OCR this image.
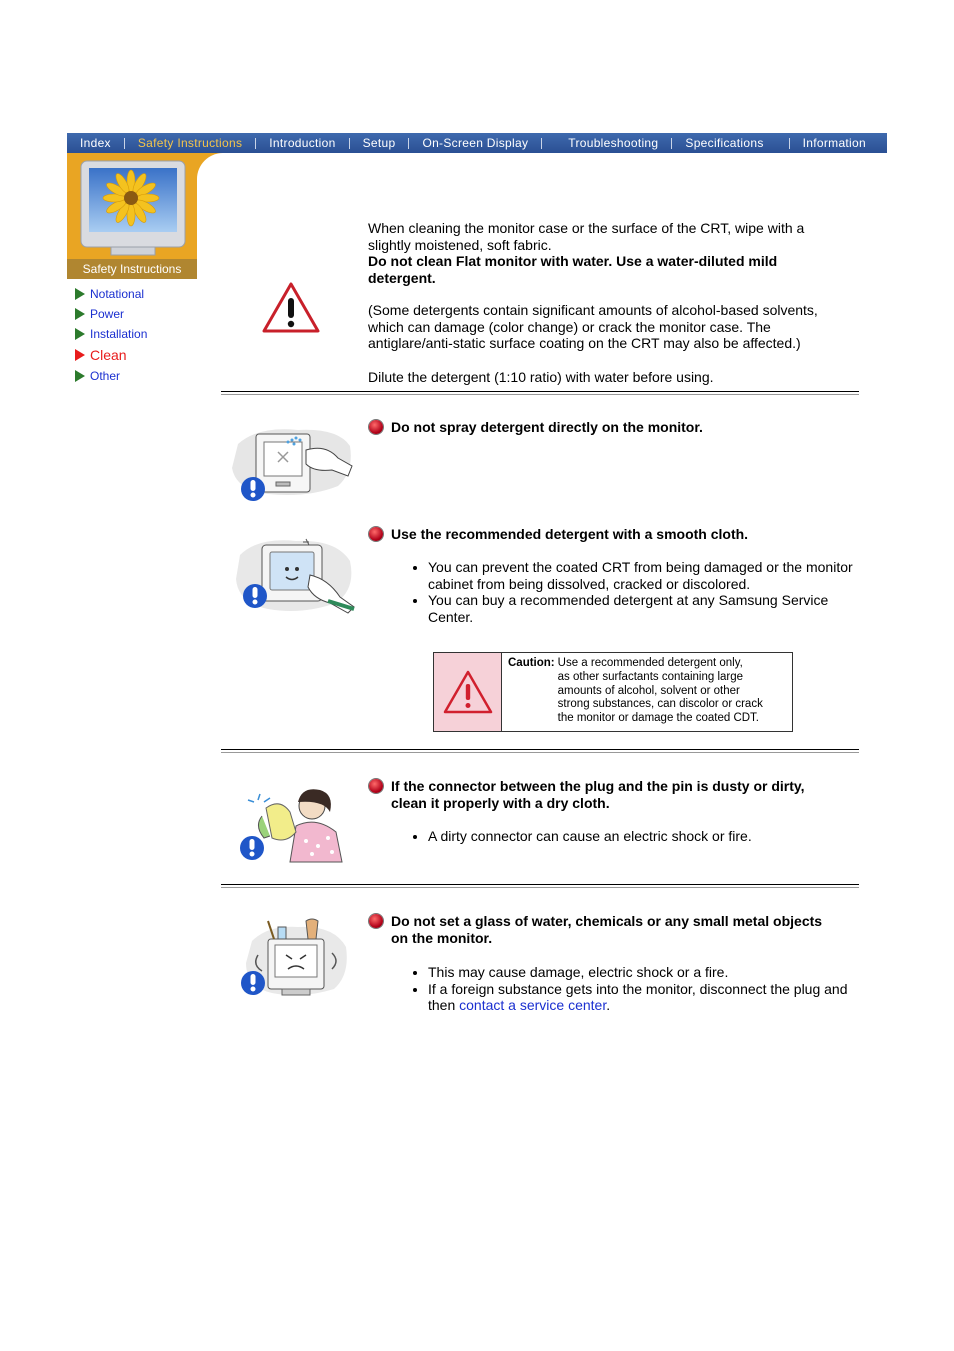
Index	Safety Instructions	Introduction	Setup	On-Screen Display	Troubleshooting	Specifications	Information
Safety Instructions
Notational
Power
Installation
Clean
Other
When cleaning the monitor case or the surface of the CRT, wipe with a slightly moistened, soft fabric.
Do not clean Flat monitor with water. Use a water-diluted mild detergent.
(Some detergents contain significant amounts of alcohol-based solvents, which can damage (color change) or crack the monitor case. The antiglare/anti-static surface coating on the CRT may also be affected.)
Dilute the detergent (1:10 ratio) with water before using.
Do not spray detergent directly on the monitor.
Use the recommended detergent with a smooth cloth.
• You can prevent the coated CRT from being damaged or the monitor cabinet from being dissolved, cracked or discolored.
• You can buy a recommended detergent at any Samsung Service Center.
Caution: Use a recommended detergent only,
as other surfactants containing large
amounts of alcohol, solvent or other
strong substances, can discolor or crack
the monitor or damage the coated CDT.
If the connector between the plug and the pin is dusty or dirty, clean it properly with a dry cloth.
• A dirty connector can cause an electric shock or fire.
Do not set a glass of water, chemicals or any small metal objects on the monitor.
• This may cause damage, electric shock or a fire.
• If a foreign substance gets into the monitor, disconnect the plug and then contact a service center.
